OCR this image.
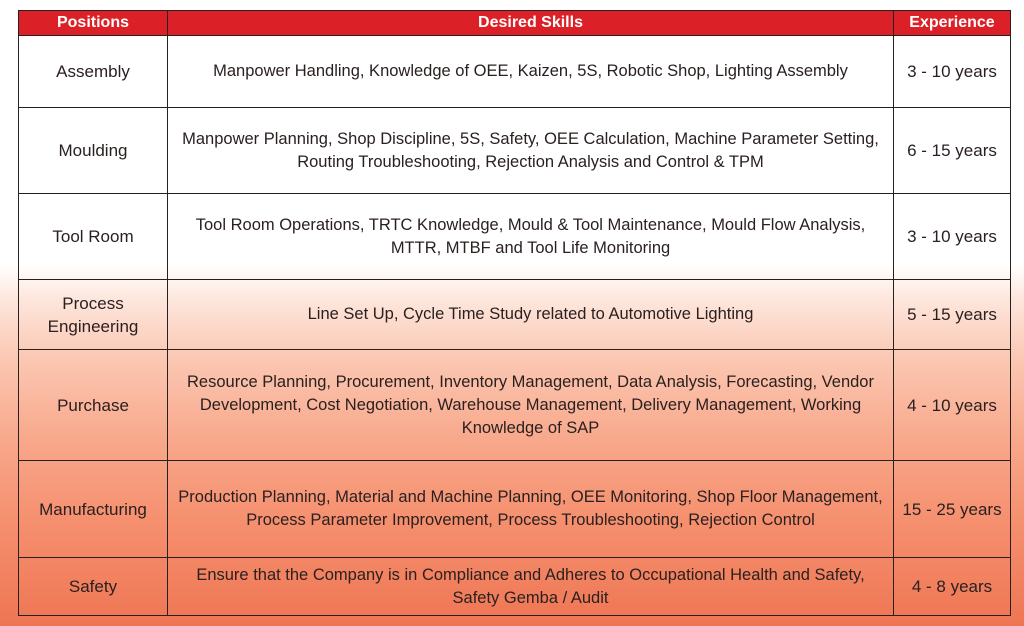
Positions	Desired Skills	Experience
Assembly	Manpower Handling, Knowledge of OEE, Kaizen, 5S, Robotic Shop, Lighting Assembly	3 - 10 years
Moulding	Manpower Planning, Shop Discipline, 5S, Safety, OEE Calculation, Machine Parameter Setting, Routing Troubleshooting, Rejection Analysis and Control & TPM	6 - 15 years
Tool Room	Tool Room Operations, TRTC Knowledge, Mould & Tool Maintenance, Mould Flow Analysis, MTTR, MTBF and Tool Life Monitoring	3 - 10 years
Process Engineering	Line Set Up, Cycle Time Study related to Automotive Lighting	5 - 15 years
Purchase	Resource Planning, Procurement, Inventory Management, Data Analysis, Forecasting, Vendor Development, Cost Negotiation, Warehouse Management, Delivery Management, Working Knowledge of SAP	4 - 10 years
Manufacturing	Production Planning, Material and Machine Planning, OEE Monitoring, Shop Floor Management, Process Parameter Improvement, Process Troubleshooting, Rejection Control	15 - 25 years
Safety	Ensure that the Company is in Compliance and Adheres to Occupational Health and Safety, Safety Gemba / Audit	4 - 8 years
